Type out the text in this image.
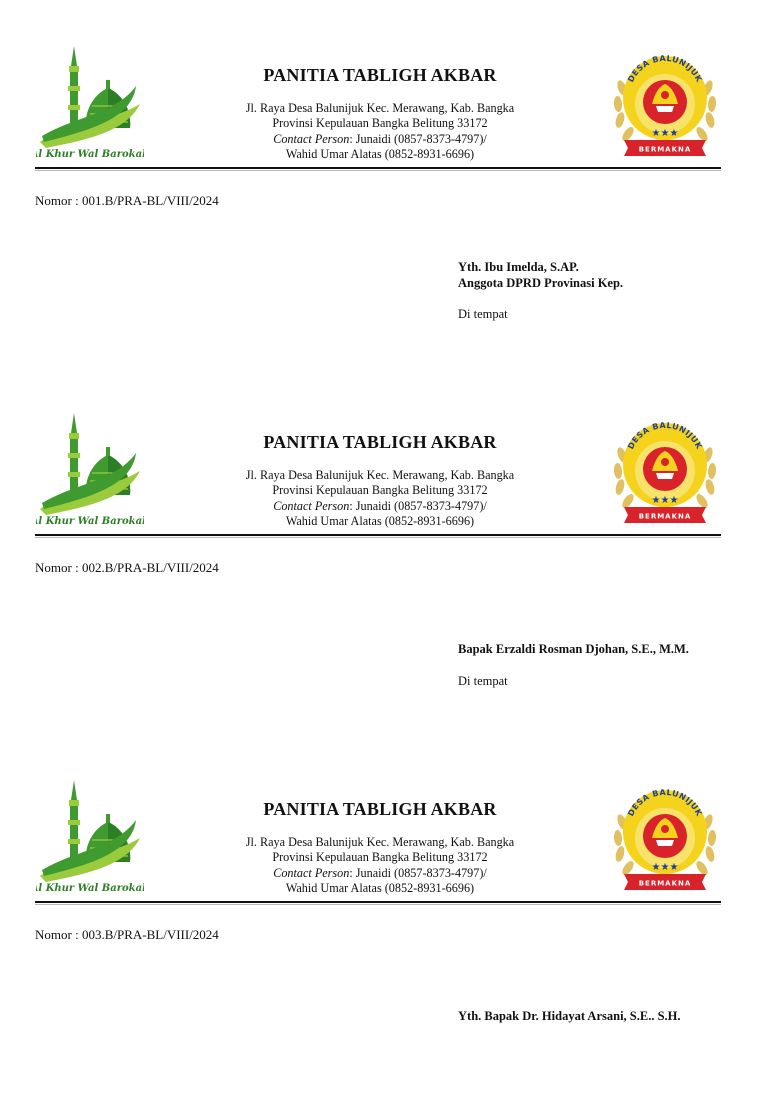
PANITIA TABLIGH AKBAR
Jl. Raya Desa Balunijuk Kec. Merawang, Kab. Bangka
Provinsi Kepulauan Bangka Belitung 33172
Contact Person: Junaidi (0857-8373-4797)/
Wahid Umar Alatas (0852-8931-6696)
Nomor : 001.B/PRA-BL/VIII/2024
Yth. Ibu Imelda, S.AP.
Anggota DPRD Provinasi Kep.
Di tempat
PANITIA TABLIGH AKBAR
Jl. Raya Desa Balunijuk Kec. Merawang, Kab. Bangka
Provinsi Kepulauan Bangka Belitung 33172
Contact Person: Junaidi (0857-8373-4797)/
Wahid Umar Alatas (0852-8931-6696)
Nomor : 002.B/PRA-BL/VIII/2024
Bapak Erzaldi Rosman Djohan, S.E., M.M.
Di tempat
PANITIA TABLIGH AKBAR
Jl. Raya Desa Balunijuk Kec. Merawang, Kab. Bangka
Provinsi Kepulauan Bangka Belitung 33172
Contact Person: Junaidi (0857-8373-4797)/
Wahid Umar Alatas (0852-8931-6696)
Nomor : 003.B/PRA-BL/VIII/2024
Yth. Bapak Dr. Hidayat Arsani, S.E.. S.H.
